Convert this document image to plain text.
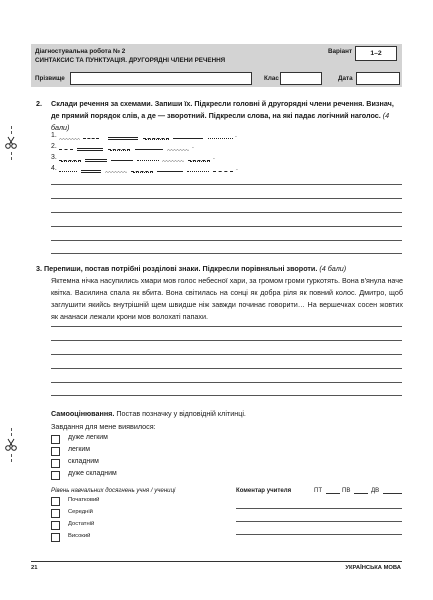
Діагностувальна робота № 2
СИНТАКСИС ТА ПУНКТУАЦІЯ. ДРУГОРЯДНІ ЧЛЕНИ РЕЧЕННЯ
Варіант	1–2
Прізвище	Клас	Дата
2. Склади речення за схемами. Запиши їх. Підкресли головні й другорядні члени речення. Визнач, де прямий порядок слів, а де — зворотний. Підкресли слова, на які падає логічний наголос. (4 бали)
1.	.
2.	.
3.	.
4.	.
3. Перепиши, постав потрібні розділові знаки. Підкресли порівняльні звороти. (4 бали)
Яктемна нічка насупились хмари мов голос небесної хари, за громом громи гуркотять. Вона в'янула наче квітка. Василина спала як вбита. Вона світилась на сонці як добра ріля як повний колос. Дмитро, щоб заглушити якийсь внутрішній щем швидше ніж завжди починає говорити… На вершечках сосен жовтих як ананаси лежали крони мов волохаті папахи.
Самооцінювання. Постав позначку у відповідній клітинці.
Завдання для мене виявилося:
дуже легким
легким
складним
дуже складним
Рівень навчальних досягнень учня / учениці
Початковий
Середній
Достатній
Високий
Коментар учителя	ПТ	ПВ	ДВ
21	УКРАЇНСЬКА МОВА
